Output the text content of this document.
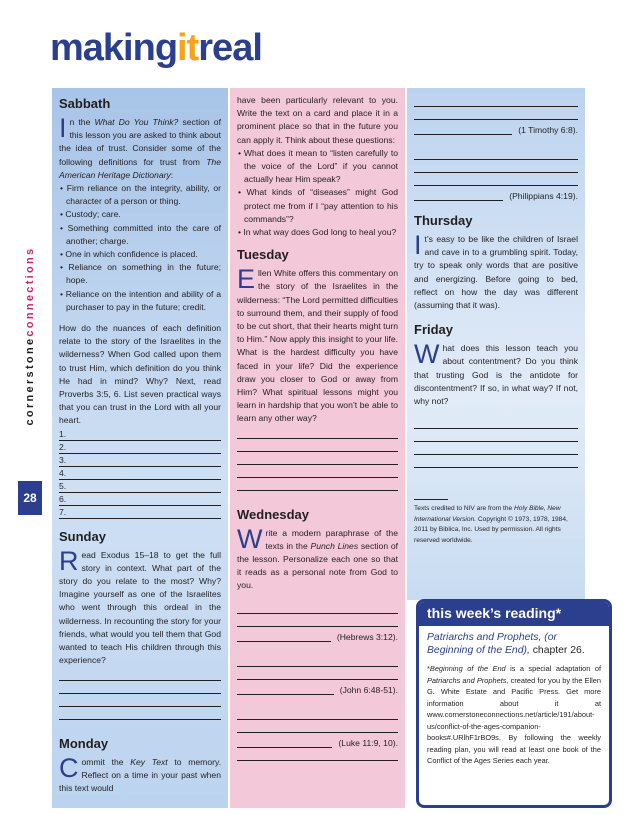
makingitreal
cornerstoneconnections
28
Sabbath
In the What Do You Think? section of this lesson you are asked to think about the idea of trust. Consider some of the following definitions for trust from The American Heritage Dictionary:
• Firm reliance on the integrity, ability, or character of a person or thing.
• Custody; care.
• Something committed into the care of another; charge.
• One in which confidence is placed.
• Reliance on something in the future; hope.
• Reliance on the intention and ability of a purchaser to pay in the future; credit.
How do the nuances of each definition relate to the story of the Israelites in the wilderness? When God called upon them to trust Him, which definition do you think He had in mind? Why? Next, read Proverbs 3:5, 6. List seven practical ways that you can trust in the Lord with all your heart.
1.
2.
3.
4.
5.
6.
7.
Sunday
Read Exodus 15–18 to get the full story in context. What part of the story do you relate to the most? Why? Imagine yourself as one of the Israelites who went through this ordeal in the wilderness. In recounting the story for your friends, what would you tell them that God wanted to teach His children through this experience?
Monday
Commit the Key Text to memory. Reflect on a time in your past when this text would
have been particularly relevant to you. Write the text on a card and place it in a prominent place so that in the future you can apply it. Think about these questions:
• What does it mean to “listen carefully to the voice of the Lord” if you cannot actually hear Him speak?
• What kinds of “diseases” might God protect me from if I “pay attention to his commands”?
• In what way does God long to heal you?
Tuesday
Ellen White offers this commentary on the story of the Israelites in the wilderness: “The Lord permitted difficulties to surround them, and their supply of food to be cut short, that their hearts might turn to Him.” Now apply this insight to your life. What is the hardest difficulty you have faced in your life? Did the experience draw you closer to God or away from Him? What spiritual lessons might you learn in hardship that you won’t be able to learn any other way?
Wednesday
Write a modern paraphrase of the texts in the Punch Lines section of the lesson. Personalize each one so that it reads as a personal note from God to you.
(Hebrews 3:12).
(John 6:48-51).
(Luke 11:9, 10).
(1 Timothy 6:8).
(Philippians 4:19).
Thursday
It’s easy to be like the children of Israel and cave in to a grumbling spirit. Today, try to speak only words that are positive and energizing. Before going to bed, reflect on how the day was different (assuming that it was).
Friday
What does this lesson teach you about contentment? Do you think that trusting God is the antidote for discontentment? If so, in what way? If not, why not?
Texts credited to NIV are from the Holy Bible, New International Version. Copyright © 1973, 1978, 1984, 2011 by Biblica, Inc. Used by permission. All rights reserved worldwide.
this week’s reading*
Patriarchs and Prophets, (or Beginning of the End), chapter 26.
*Beginning of the End is a special adaptation of Patriarchs and Prophets, created for you by the Ellen G. White Estate and Pacific Press. Get more information about it at www.cornerstoneconnections.net/article/191/about-us/conflict-of-the-ages-companion-books#.URlhF1rBO9s. By following the weekly reading plan, you will read at least one book of the Conflict of the Ages Series each year.
